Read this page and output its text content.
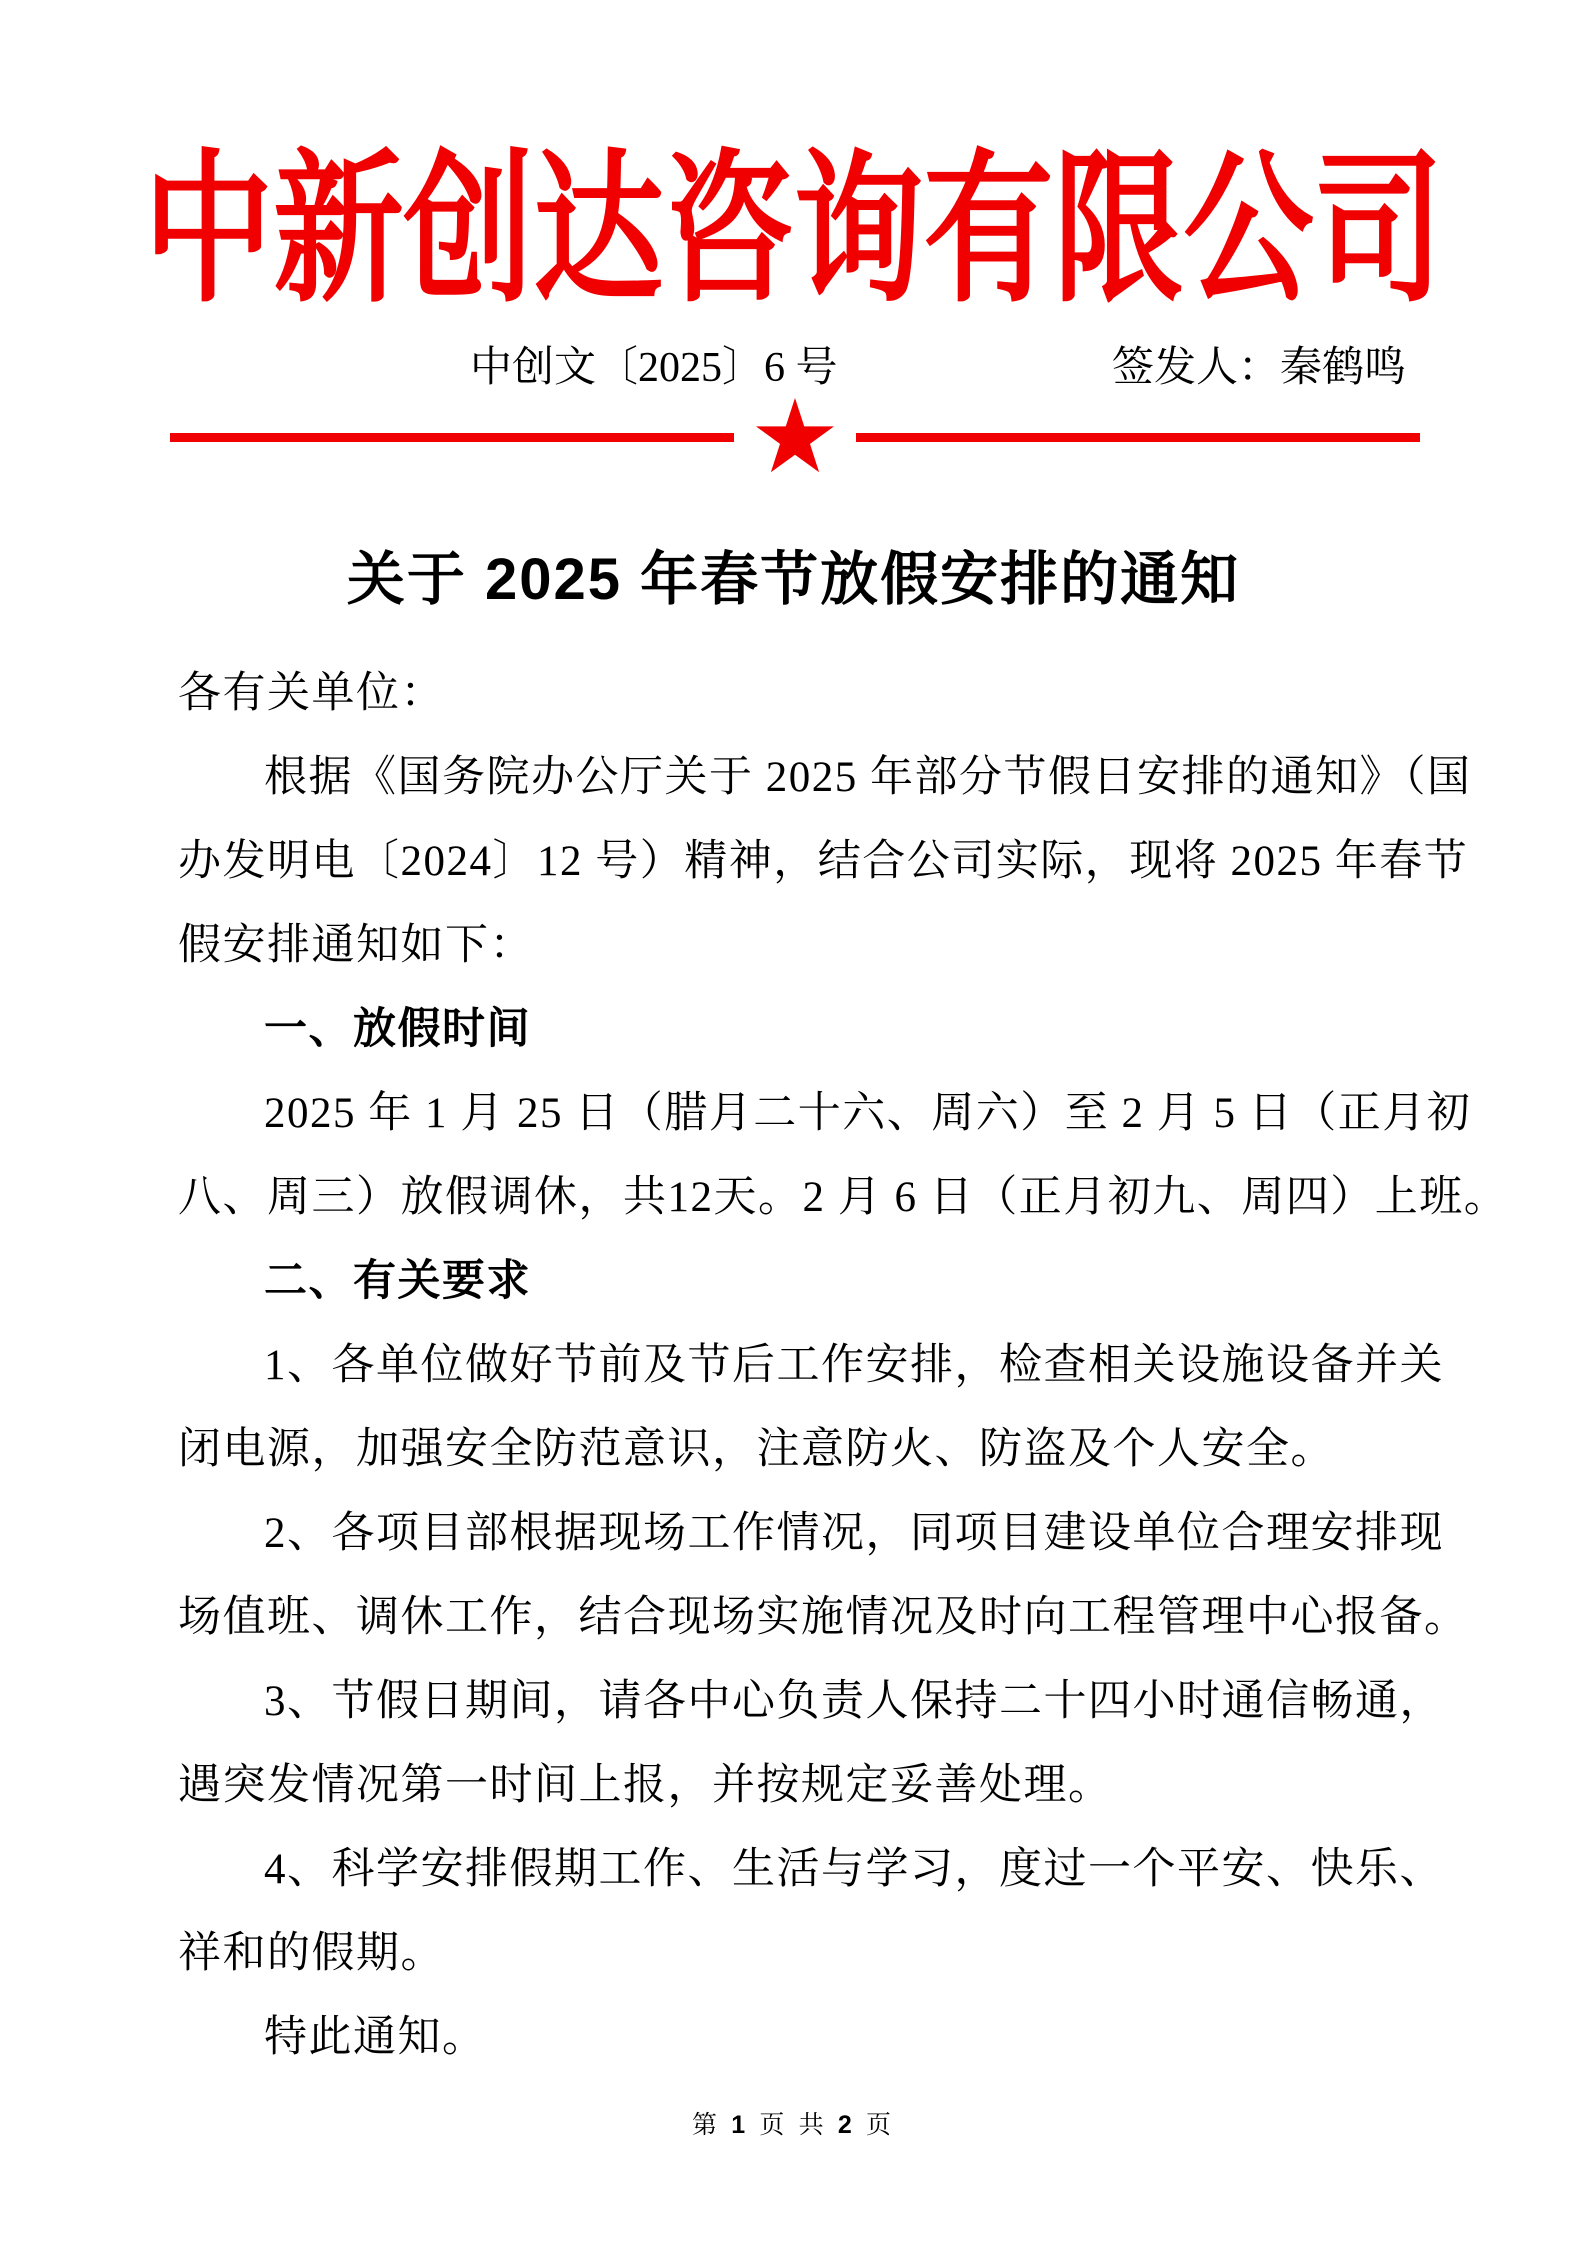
中新创达咨询有限公司
中创文〔2025〕6 号	签发人：秦鹤鸣
关于 2025 年春节放假安排的通知
各有关单位：
根据《国务院办公厅关于 2025 年部分节假日安排的通知》（国
办发明电〔2024〕12 号）精神，结合公司实际，现将 2025 年春节
假安排通知如下：
一、放假时间
2025 年 1 月 25 日（腊月二十六、周六）至 2 月 5 日（正月初
八、周三）放假调休，共12天。2 月 6 日（正月初九、周四）上班。
二、有关要求
1、各单位做好节前及节后工作安排，检查相关设施设备并关
闭电源，加强安全防范意识，注意防火、防盗及个人安全。
2、各项目部根据现场工作情况，同项目建设单位合理安排现
场值班、调休工作，结合现场实施情况及时向工程管理中心报备。
3、节假日期间，请各中心负责人保持二十四小时通信畅通，
遇突发情况第一时间上报，并按规定妥善处理。
4、科学安排假期工作、生活与学习，度过一个平安、快乐、
祥和的假期。
特此通知。
第 1 页 共 2 页
